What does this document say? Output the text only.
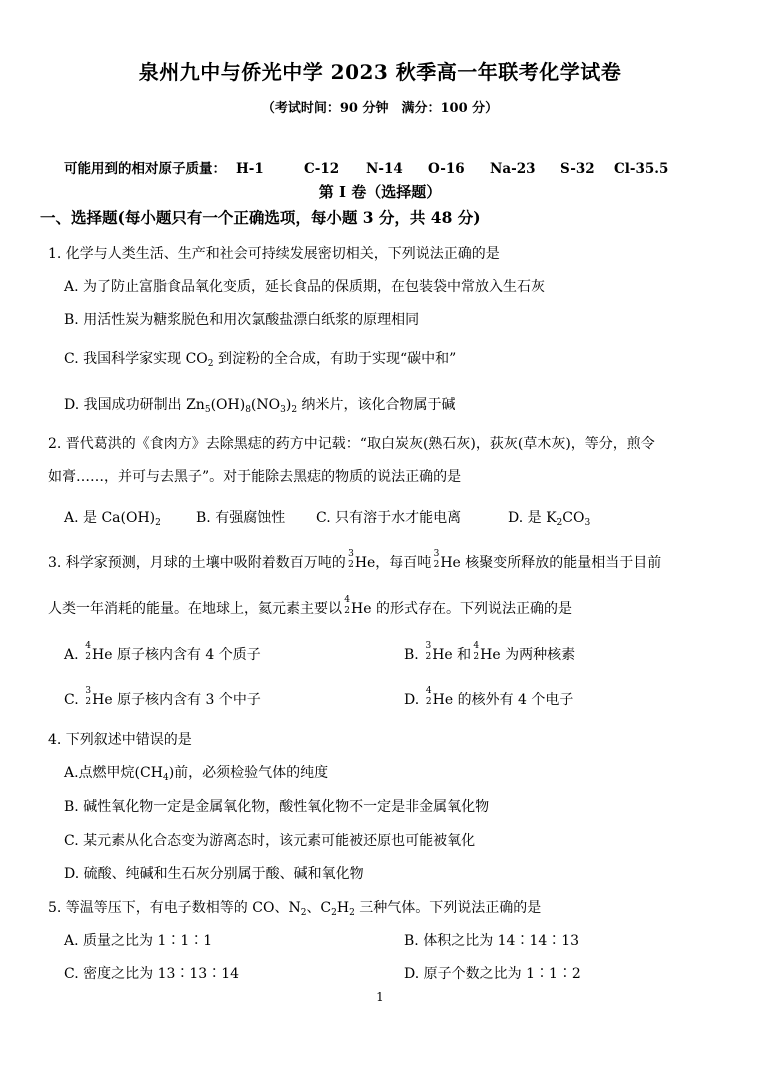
泉州九中与侨光中学 2023 秋季高一年联考化学试卷
（考试时间：90 分钟　满分：100 分）
可能用到的相对原子质量： H-1	C-12 N-14 O-16 Na-23 S-32 Cl-35.5
第 I 卷（选择题）
一、选择题(每小题只有一个正确选项，每小题 3 分，共 48 分)
1. 化学与人类生活、生产和社会可持续发展密切相关，下列说法正确的是
A. 为了防止富脂食品氧化变质，延长食品的保质期，在包装袋中常放入生石灰
B. 用活性炭为糖浆脱色和用次氯酸盐漂白纸浆的原理相同
C. 我国科学家实现 $CO_2$ 到淀粉的全合成，有助于实现“碳中和”
D. 我国成功研制出 $Zn_5(OH)_8(NO_3)_2$ 纳米片，该化合物属于碱
2. 晋代葛洪的《食肉方》去除黑痣的药方中记载：“取白炭灰(熟石灰)，荻灰(草木灰)，等分，煎令
如膏……，并可与去黑子”。对于能除去黑痣的物质的说法正确的是
A. 是 $Ca(OH)_2$	B. 有强腐蚀性 C. 只有溶于水才能电离	D. 是 $K_2CO_3$
3. 科学家预测，月球的土壤中吸附着数百万吨的
3
2 He，每百吨
3
2 He 核聚变所释放的能量相当于目前
人类一年消耗的能量。在地球上，氦元素主要以
4
2 He 的形式存在。下列说法正确的是
A.
4
2 He 原子核内含有 4 个质子	B.
3
2 He 和
4
2 He 为两种核素
C.
3
2 He 原子核内含有 3 个中子	D.
4
2 He 的核外有 4 个电子
4. 下列叙述中错误的是
A.点燃甲烷$(CH_4)$前，必须检验气体的纯度
B. 碱性氧化物一定是金属氧化物，酸性氧化物不一定是非金属氧化物
C. 某元素从化合态变为游离态时，该元素可能被还原也可能被氧化
D. 硫酸、纯碱和生石灰分别属于酸、碱和氧化物
5. 等温等压下，有电子数相等的 CO、$N_2$、$C_2H_2$ 三种气体。下列说法正确的是
A. 质量之比为 1∶1∶1	B. 体积之比为 14∶14∶13
C. 密度之比为 13∶13∶14	D. 原子个数之比为 1∶1∶2
1
